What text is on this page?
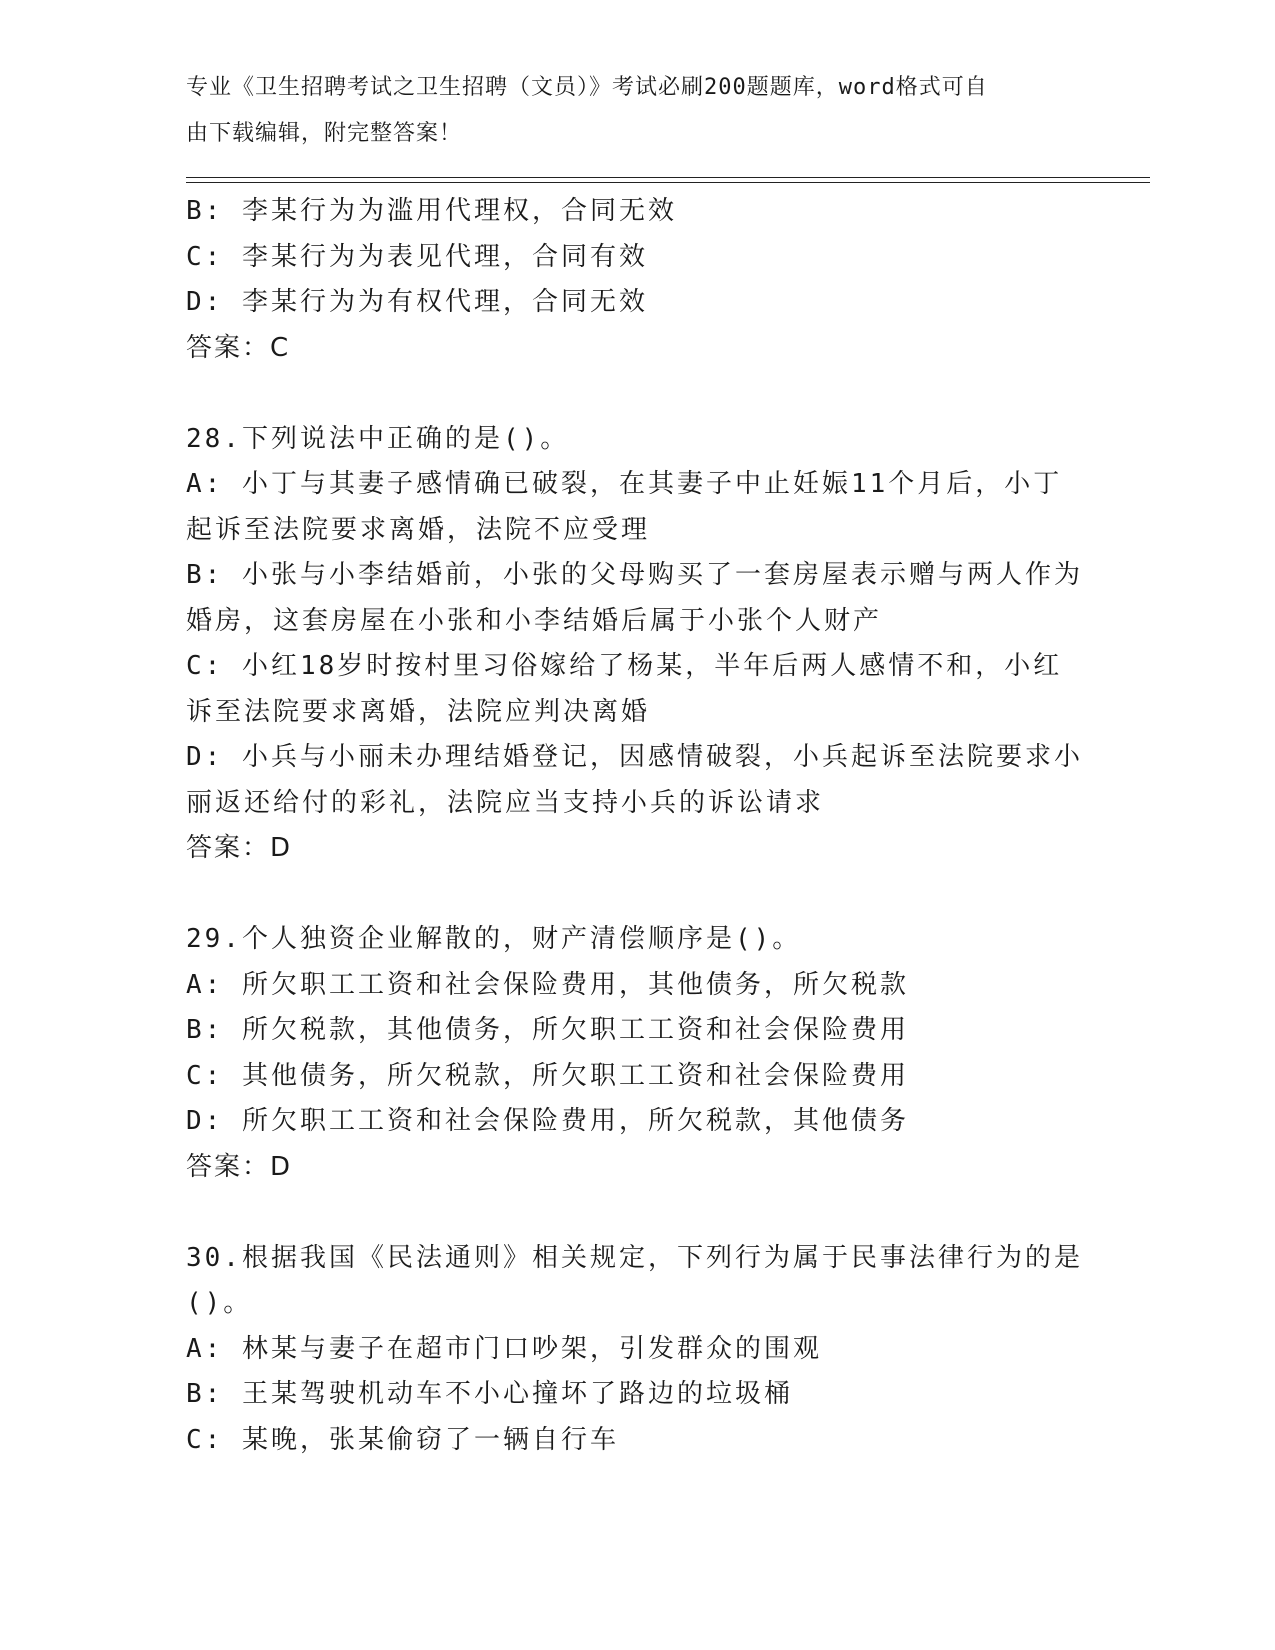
专业《卫生招聘考试之卫生招聘（文员）》考试必刷200题题库，word格式可自
由下载编辑，附完整答案！
B: 李某行为为滥用代理权，合同无效
C: 李某行为为表见代理，合同有效
D: 李某行为为有权代理，合同无效
答案：C
28.下列说法中正确的是()。
A: 小丁与其妻子感情确已破裂，在其妻子中止妊娠11个月后，小丁
起诉至法院要求离婚，法院不应受理
B: 小张与小李结婚前，小张的父母购买了一套房屋表示赠与两人作为
婚房，这套房屋在小张和小李结婚后属于小张个人财产
C: 小红18岁时按村里习俗嫁给了杨某，半年后两人感情不和，小红
诉至法院要求离婚，法院应判决离婚
D: 小兵与小丽未办理结婚登记，因感情破裂，小兵起诉至法院要求小
丽返还给付的彩礼，法院应当支持小兵的诉讼请求
答案：D
29.个人独资企业解散的，财产清偿顺序是()。
A: 所欠职工工资和社会保险费用，其他债务，所欠税款
B: 所欠税款，其他债务，所欠职工工资和社会保险费用
C: 其他债务，所欠税款，所欠职工工资和社会保险费用
D: 所欠职工工资和社会保险费用，所欠税款，其他债务
答案：D
30.根据我国《民法通则》相关规定，下列行为属于民事法律行为的是
()。
A: 林某与妻子在超市门口吵架，引发群众的围观
B: 王某驾驶机动车不小心撞坏了路边的垃圾桶
C: 某晚，张某偷窃了一辆自行车
